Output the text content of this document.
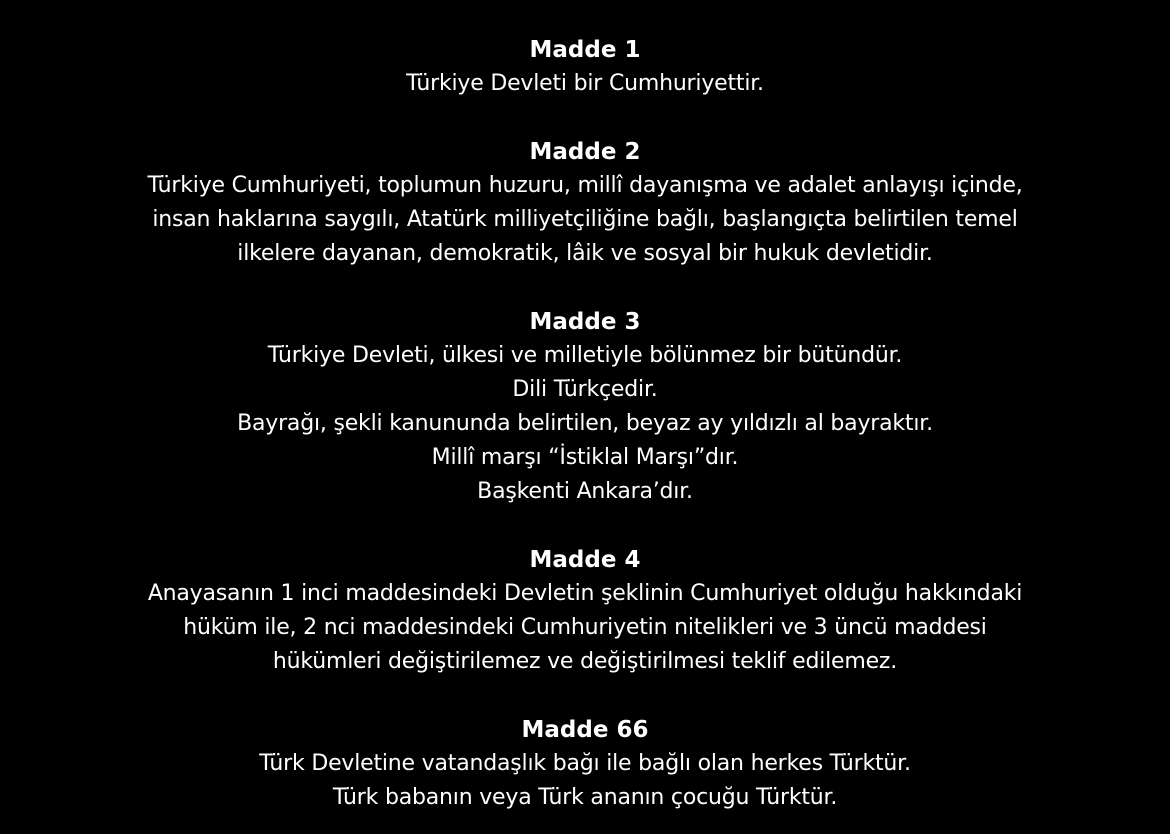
Madde 1
Türkiye Devleti bir Cumhuriyettir.
Madde 2
Türkiye Cumhuriyeti, toplumun huzuru, millî dayanışma ve adalet anlayışı içinde,
insan haklarına saygılı, Atatürk milliyetçiliğine bağlı, başlangıçta belirtilen temel
ilkelere dayanan, demokratik, lâik ve sosyal bir hukuk devletidir.
Madde 3
Türkiye Devleti, ülkesi ve milletiyle bölünmez bir bütündür.
Dili Türkçedir.
Bayrağı, şekli kanununda belirtilen, beyaz ay yıldızlı al bayraktır.
Millî marşı “İstiklal Marşı”dır.
Başkenti Ankara’dır.
Madde 4
Anayasanın 1 inci maddesindeki Devletin şeklinin Cumhuriyet olduğu hakkındaki
hüküm ile, 2 nci maddesindeki Cumhuriyetin nitelikleri ve 3 üncü maddesi
hükümleri değiştirilemez ve değiştirilmesi teklif edilemez.
Madde 66
Türk Devletine vatandaşlık bağı ile bağlı olan herkes Türktür.
Türk babanın veya Türk ananın çocuğu Türktür.
